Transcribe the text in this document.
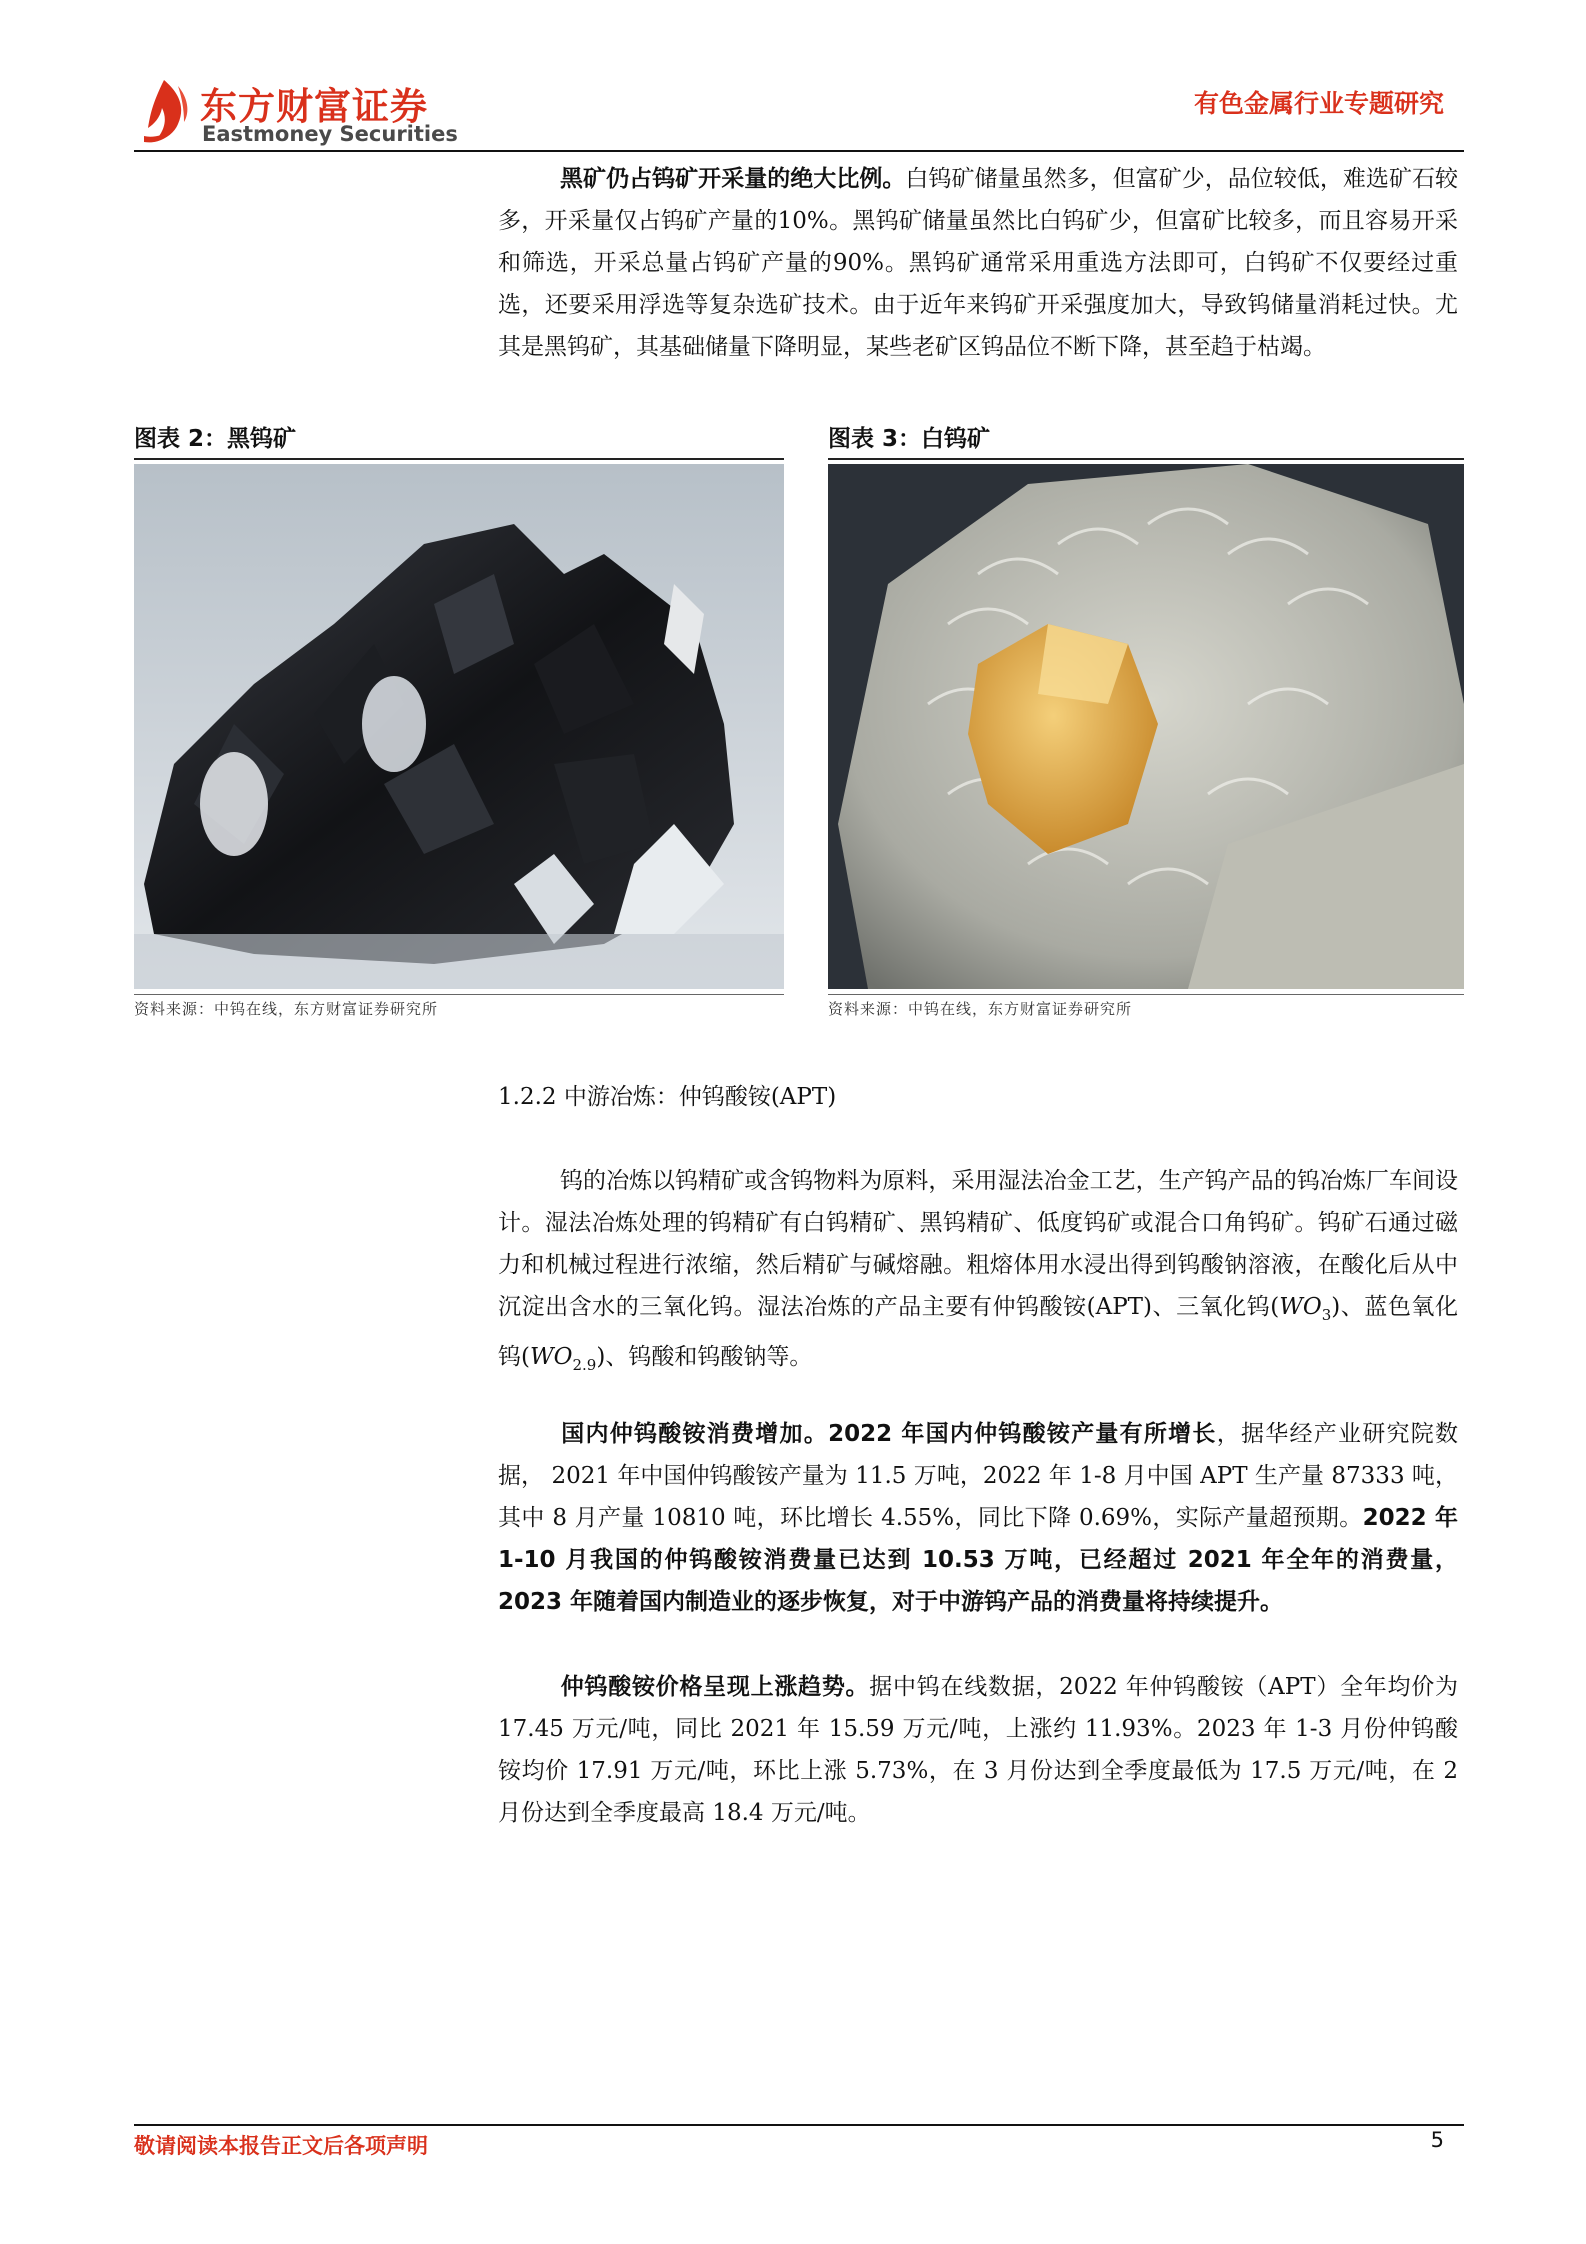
东方财富证券
Eastmoney Securities
有色金属行业专题研究
黑矿仍占钨矿开采量的绝大比例。白钨矿储量虽然多，但富矿少，品位较低，难选矿石较多，开采量仅占钨矿产量的10%。黑钨矿储量虽然比白钨矿少，但富矿比较多，而且容易开采和筛选，开采总量占钨矿产量的90%。黑钨矿通常采用重选方法即可，白钨矿不仅要经过重选，还要采用浮选等复杂选矿技术。由于近年来钨矿开采强度加大，导致钨储量消耗过快。尤其是黑钨矿，其基础储量下降明显，某些老矿区钨品位不断下降，甚至趋于枯竭。
图表 2：黑钨矿
资料来源：中钨在线，东方财富证券研究所
图表 3：白钨矿
资料来源：中钨在线，东方财富证券研究所
1.2.2 中游冶炼：仲钨酸铵(APT)
钨的冶炼以钨精矿或含钨物料为原料，采用湿法冶金工艺，生产钨产品的钨冶炼厂车间设计。湿法冶炼处理的钨精矿有白钨精矿、黑钨精矿、低度钨矿或混合口角钨矿。钨矿石通过磁力和机械过程进行浓缩，然后精矿与碱熔融。粗熔体用水浸出得到钨酸钠溶液，在酸化后从中沉淀出含水的三氧化钨。湿法冶炼的产品主要有仲钨酸铵(APT)、三氧化钨$(WO_3)$、蓝色氧化钨$(WO_{2.9})$、钨酸和钨酸钠等。
国内仲钨酸铵消费增加。2022 年国内仲钨酸铵产量有所增长，据华经产业研究院数据， 2021 年中国仲钨酸铵产量为 11.5 万吨，2022 年 1-8 月中国 APT 生产量 87333 吨，其中 8 月产量 10810 吨，环比增长 4.55%，同比下降 0.69%，实际产量超预期。2022 年 1-10 月我国的仲钨酸铵消费量已达到 10.53 万吨，已经超过 2021 年全年的消费量，2023 年随着国内制造业的逐步恢复，对于中游钨产品的消费量将持续提升。
仲钨酸铵价格呈现上涨趋势。据中钨在线数据，2022 年仲钨酸铵（APT）全年均价为 17.45 万元/吨，同比 2021 年 15.59 万元/吨，上涨约 11.93%。2023 年 1-3 月份仲钨酸铵均价 17.91 万元/吨，环比上涨 5.73%，在 3 月份达到全季度最低为 17.5 万元/吨，在 2 月份达到全季度最高 18.4 万元/吨。
敬请阅读本报告正文后各项声明	5
